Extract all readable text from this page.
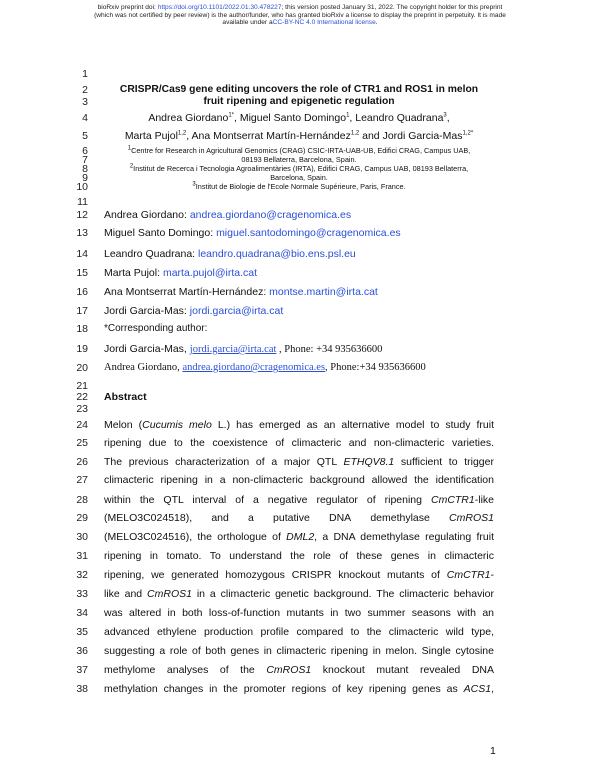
bioRxiv preprint doi: https://doi.org/10.1101/2022.01.30.478227; this version posted January 31, 2022. The copyright holder for this preprint
(which was not certified by peer review) is the author/funder, who has granted bioRxiv a license to display the preprint in perpetuity. It is made
available under aCC-BY-NC 4.0 International license.
1
2
3
4
5
6
7
8
9
10
11
12
13
14
15
16
17
18
19
20
21
22
23
24
25
26
27
28
29
30
31
32
33
34
35
36
37
38
CRISPR/Cas9 gene editing uncovers the role of CTR1 and ROS1 in melon
fruit ripening and epigenetic regulation
Andrea Giordano$^{1*}$, Miguel Santo Domingo$^1$, Leandro Quadrana$^3$,
Marta Pujol$^{1,2}$, Ana Montserrat Martín-Hernández$^{1,2}$ and Jordi Garcia-Mas$^{1,2*}$
$^1$Centre for Research in Agricultural Genomics (CRAG) CSIC-IRTA-UAB-UB, Edifici CRAG, Campus UAB,
08193 Bellaterra, Barcelona, Spain.
$^2$Institut de Recerca i Tecnologia Agroalimentàries (IRTA), Edifici CRAG, Campus UAB, 08193 Bellaterra,
Barcelona, Spain.
$^3$Institut de Biologie de l'Ecole Normale Supérieure, Paris, France.
Andrea Giordano: andrea.giordano@cragenomica.es
Miguel Santo Domingo: miguel.santodomingo@cragenomica.es
Leandro Quadrana: leandro.quadrana@bio.ens.psl.eu
Marta Pujol: marta.pujol@irta.cat
Ana Montserrat Martín-Hernández: montse.martin@irta.cat
Jordi Garcia-Mas: jordi.garcia@irta.cat
*Corresponding author:
Jordi Garcia-Mas, jordi.garcia@irta.cat , Phone: +34 935636600
Andrea Giordano, andrea.giordano@cragenomica.es, Phone:+34 935636600
Abstract
Melon (Cucumis melo L.) has emerged as an alternative model to study fruit
ripening due to the coexistence of climacteric and non-climacteric varieties.
The previous characterization of a major QTL ETHQV8.1 sufficient to trigger
climacteric ripening in a non-climacteric background allowed the identification
within the QTL interval of a negative regulator of ripening CmCTR1-like
(MELO3C024518), and a putative DNA demethylase CmROS1
(MELO3C024516), the orthologue of DML2, a DNA demethylase regulating fruit
ripening in tomato. To understand the role of these genes in climacteric
ripening, we generated homozygous CRISPR knockout mutants of CmCTR1-
like and CmROS1 in a climacteric genetic background. The climacteric behavior
was altered in both loss-of-function mutants in two summer seasons with an
advanced ethylene production profile compared to the climacteric wild type,
suggesting a role of both genes in climacteric ripening in melon. Single cytosine
methylome analyses of the CmROS1 knockout mutant revealed DNA
methylation changes in the promoter regions of key ripening genes as ACS1,
1
